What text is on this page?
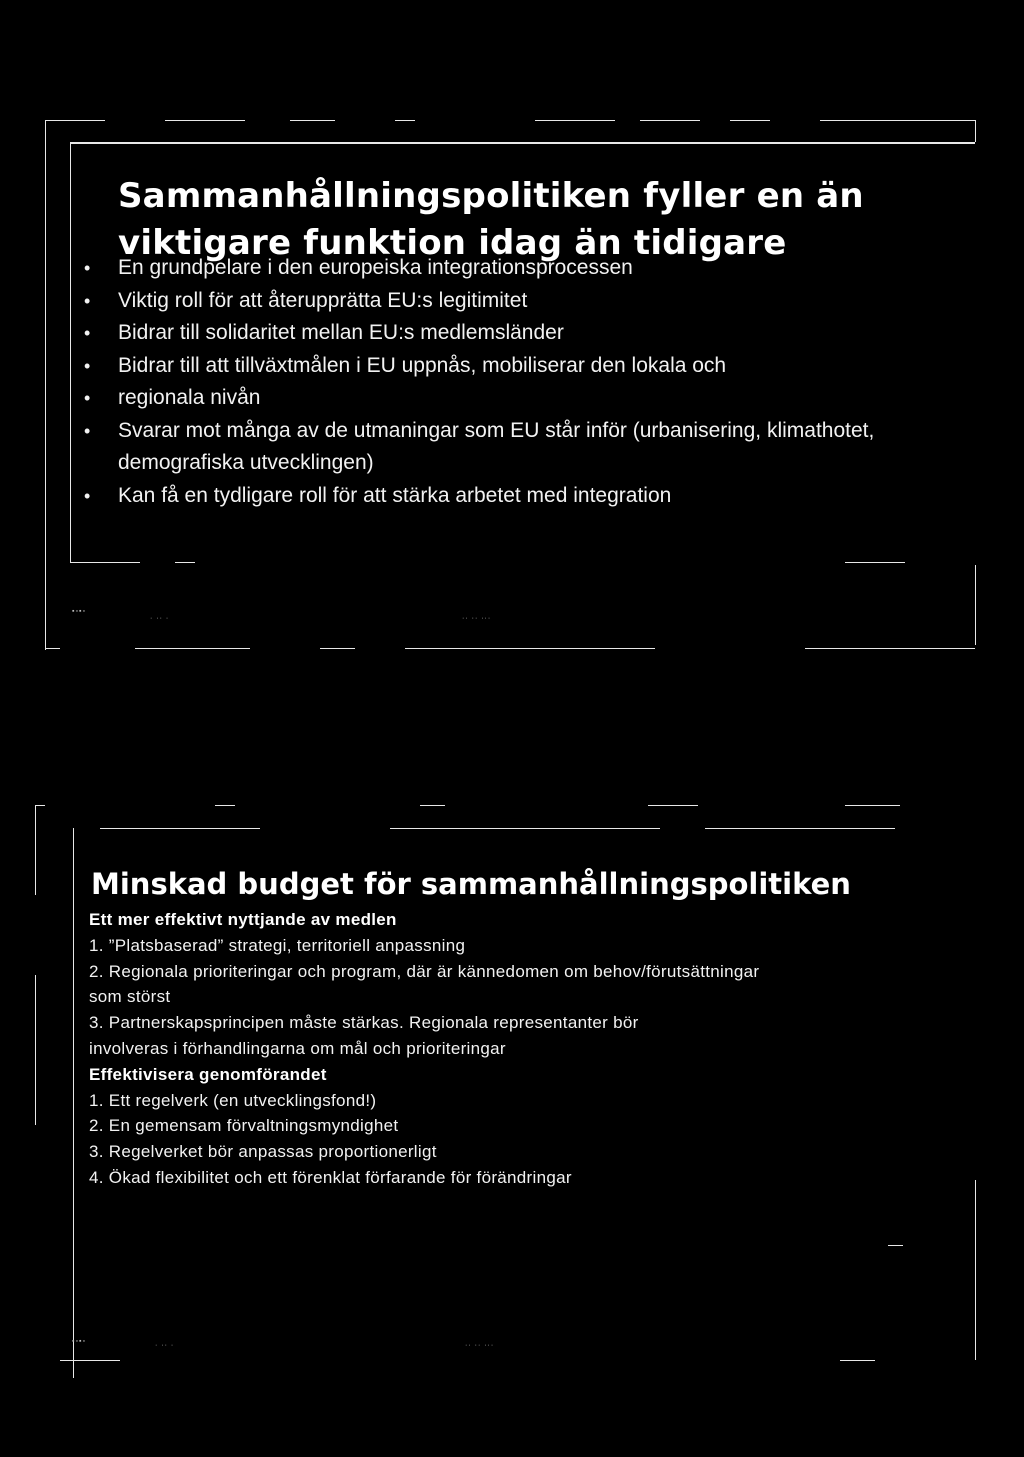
Sammanhållningspolitiken fyller en än viktigare funktion idag än tidigare
• En grundpelare i den europeiska integrationsprocessen
• Viktig roll för att återupprätta EU:s legitimitet
• Bidrar till solidaritet mellan EU:s medlemsländer
• Bidrar till att tillväxtmålen i EU uppnås, mobiliserar den lokala och
• regionala nivån
• Svarar mot många av de utmaningar som EU står inför (urbanisering, klimathotet, demografiska utvecklingen)
• Kan få en tydligare roll för att stärka arbetet med integration
▪▫▪▫
· ·· ·	·· ·· ···
Minskad budget för sammanhållningspolitiken
Ett mer effektivt nyttjande av medlen
1. ”Platsbaserad” strategi, territoriell anpassning
2. Regionala prioriteringar och program, där är kännedomen om behov/förutsättningar som störst
3. Partnerskapsprincipen måste stärkas. Regionala representanter bör involveras i förhandlingarna om mål och prioriteringar
Effektivisera genomförandet
1. Ett regelverk (en utvecklingsfond!)
2. En gemensam förvaltningsmyndighet
3. Regelverket bör anpassas proportionerligt
4. Ökad flexibilitet och ett förenklat förfarande för förändringar
▪▫▪▫
· ·· ·	·· ·· ···
